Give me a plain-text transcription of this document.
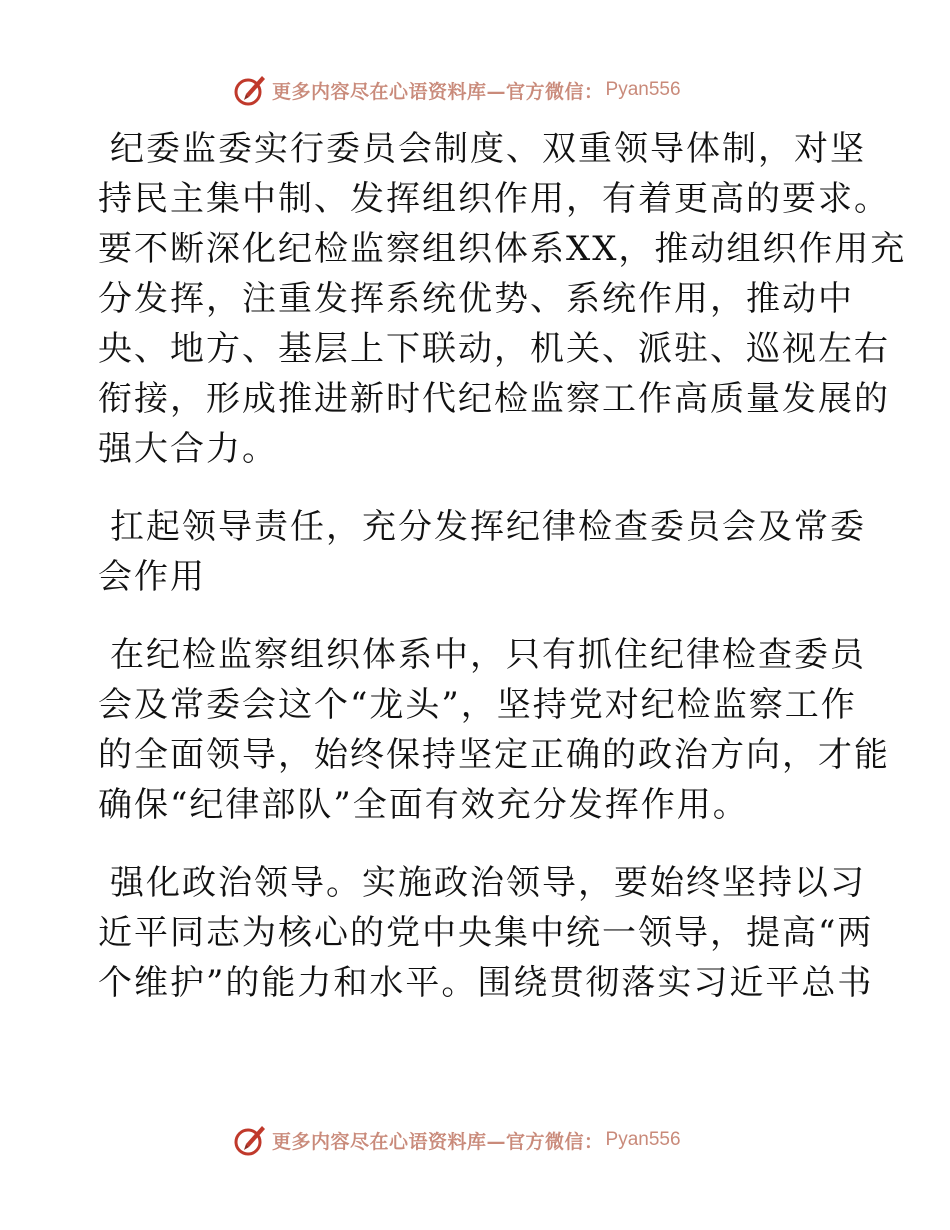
更多内容尽在心语资料库—官方微信： Pyan556

纪委监委实行委员会制度、双重领导体制，对坚
持民主集中制、发挥组织作用，有着更高的要求。
要不断深化纪检监察组织体系XX，推动组织作用充
分发挥，注重发挥系统优势、系统作用，推动中
央、地方、基层上下联动，机关、派驻、巡视左右
衔接，形成推进新时代纪检监察工作高质量发展的
强大合力。

扛起领导责任，充分发挥纪律检查委员会及常委
会作用

在纪检监察组织体系中，只有抓住纪律检查委员
会及常委会这个“龙头”，坚持党对纪检监察工作
的全面领导，始终保持坚定正确的政治方向，才能
确保“纪律部队”全面有效充分发挥作用。

强化政治领导。实施政治领导，要始终坚持以习
近平同志为核心的党中央集中统一领导，提高“两
个维护”的能力和水平。围绕贯彻落实习近平总书

更多内容尽在心语资料库—官方微信： Pyan556
